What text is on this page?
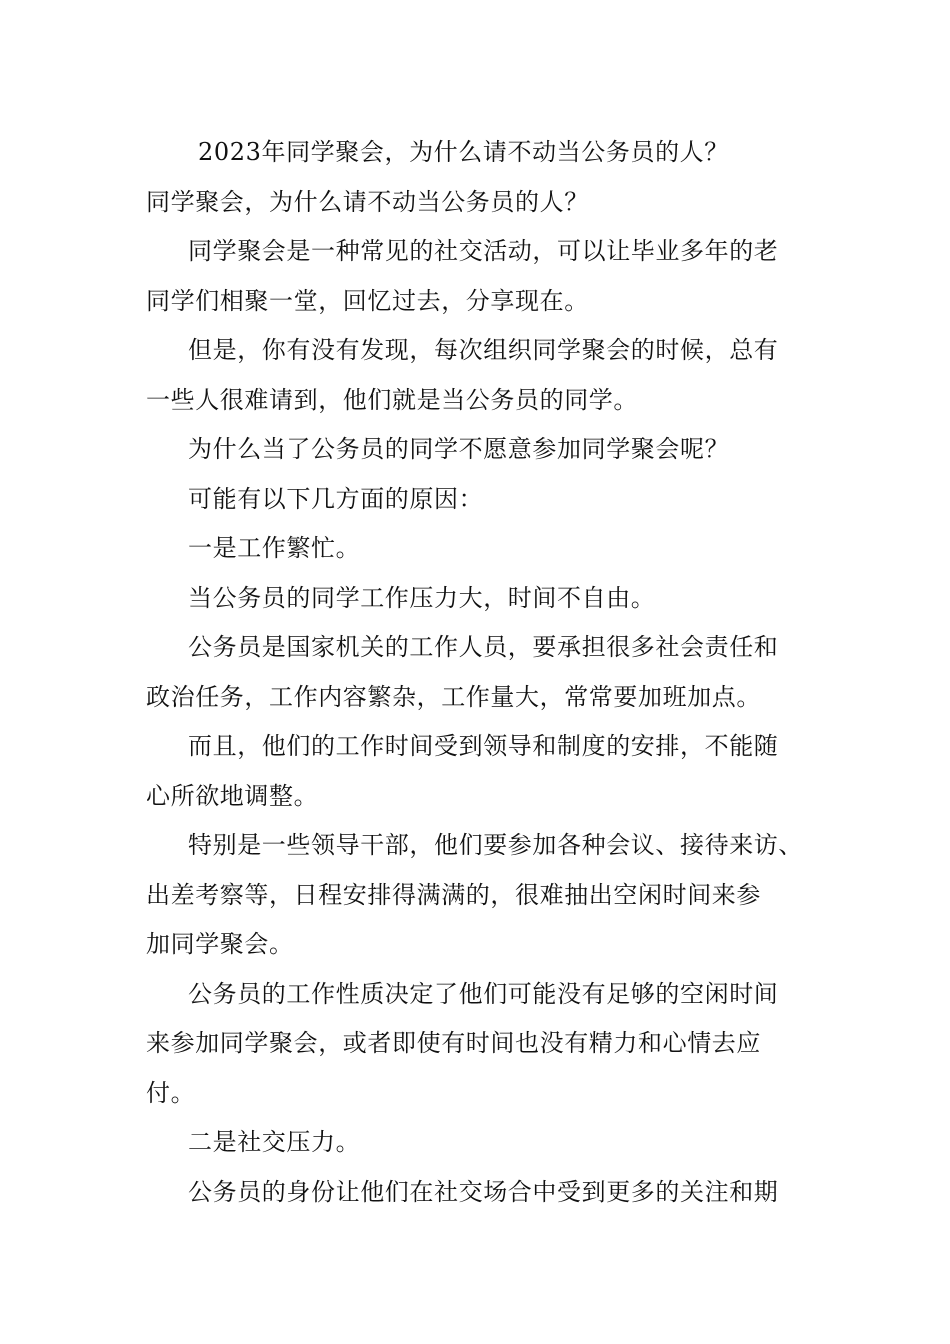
2023年同学聚会，为什么请不动当公务员的人？
同学聚会，为什么请不动当公务员的人？
同学聚会是一种常见的社交活动，可以让毕业多年的老
同学们相聚一堂，回忆过去，分享现在。
但是，你有没有发现，每次组织同学聚会的时候，总有
一些人很难请到，他们就是当公务员的同学。
为什么当了公务员的同学不愿意参加同学聚会呢？
可能有以下几方面的原因：
一是工作繁忙。
当公务员的同学工作压力大，时间不自由。
公务员是国家机关的工作人员，要承担很多社会责任和
政治任务，工作内容繁杂，工作量大，常常要加班加点。
而且，他们的工作时间受到领导和制度的安排，不能随
心所欲地调整。
特别是一些领导干部，他们要参加各种会议、接待来访、
出差考察等，日程安排得满满的，很难抽出空闲时间来参
加同学聚会。
公务员的工作性质决定了他们可能没有足够的空闲时间
来参加同学聚会，或者即使有时间也没有精力和心情去应
付。
二是社交压力。
公务员的身份让他们在社交场合中受到更多的关注和期
